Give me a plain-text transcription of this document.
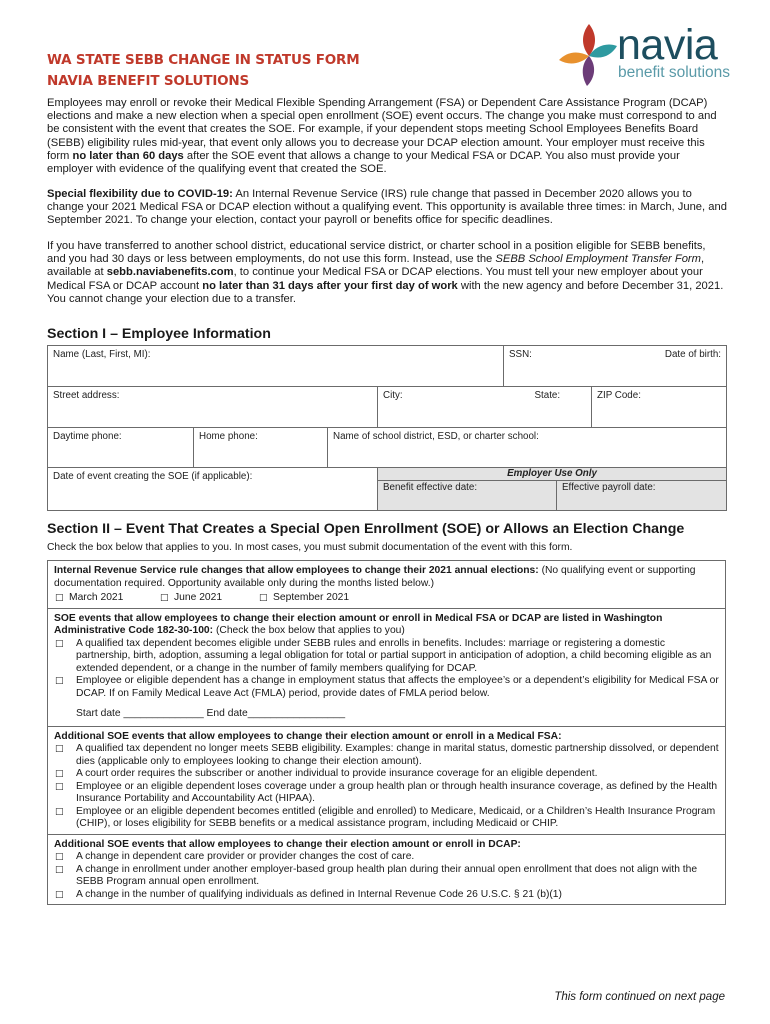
WA STATE SEBB CHANGE IN STATUS FORM
NAVIA BENEFIT SOLUTIONS
navia
benefit solutions

Employees may enroll or revoke their Medical Flexible Spending Arrangement (FSA) or Dependent Care Assistance Program (DCAP) elections and make a new election when a special open enrollment (SOE) event occurs. The change you make must correspond to and be consistent with the event that creates the SOE. For example, if your dependent stops meeting School Employees Benefits Board (SEBB) eligibility rules mid-year, that event only allows you to decrease your DCAP election amount. Your employer must receive this form no later than 60 days after the SOE event that allows a change to your Medical FSA or DCAP. You also must provide your employer with evidence of the qualifying event that created the SOE.

Special flexibility due to COVID-19: An Internal Revenue Service (IRS) rule change that passed in December 2020 allows you to change your 2021 Medical FSA or DCAP election without a qualifying event. This opportunity is available three times: in March, June, and September 2021. To change your election, contact your payroll or benefits office for specific deadlines.

If you have transferred to another school district, educational service district, or charter school in a position eligible for SEBB benefits, and you had 30 days or less between employments, do not use this form. Instead, use the SEBB School Employment Transfer Form, available at sebb.naviabenefits.com, to continue your Medical FSA or DCAP elections. You must tell your new employer about your Medical FSA or DCAP account no later than 31 days after your first day of work with the new agency and before December 31, 2021. You cannot change your election due to a transfer.

Section I – Employee Information
Name (Last, First, MI):				SSN:		Date of birth:
Street address:			City:		State:	ZIP Code:
Daytime phone:	Home phone:	Name of school district, ESD, or charter school:				
Date of event creating the SOE (if applicable):			Employer Use Only			
			Benefit effective date:		Effective payroll date:	
Section II – Event That Creates a Special Open Enrollment (SOE) or Allows an Election Change
Check the box below that applies to you. In most cases, you must submit documentation of the event with this form.
Internal Revenue Service rule changes that allow employees to change their 2021 annual elections: (No qualifying event or supporting documentation required. Opportunity available only during the months listed below.)
□ March 2021	□ June 2021	□ September 2021
SOE events that allow employees to change their election amount or enroll in Medical FSA or DCAP are listed in Washington Administrative Code 182-30-100: (Check the box below that applies to you)
□	A qualified tax dependent becomes eligible under SEBB rules and enrolls in benefits. Includes: marriage or registering a domestic partnership, birth, adoption, assuming a legal obligation for total or partial support in anticipation of adoption, a child becoming eligible as an extended dependent, or a change in the number of family members qualifying for DCAP.
□	Employee or eligible dependent has a change in employment status that affects the employee’s or a dependent’s eligibility for Medical FSA or DCAP. If on Family Medical Leave Act (FMLA) period, provide dates of FMLA period below.
Start date ______________ End date_________________
Additional SOE events that allow employees to change their election amount or enroll in a Medical FSA:
□	A qualified tax dependent no longer meets SEBB eligibility. Examples: change in marital status, domestic partnership dissolved, or dependent dies (applicable only to employees looking to change their election amount).
□	A court order requires the subscriber or another individual to provide insurance coverage for an eligible dependent.
□	Employee or an eligible dependent loses coverage under a group health plan or through health insurance coverage, as defined by the Health Insurance Portability and Accountability Act (HIPAA).
□	Employee or an eligible dependent becomes entitled (eligible and enrolled) to Medicare, Medicaid, or a Children’s Health Insurance Program (CHIP), or loses eligibility for SEBB benefits or a medical assistance program, including Medicaid or CHIP.
Additional SOE events that allow employees to change their election amount or enroll in DCAP:
□	A change in dependent care provider or provider changes the cost of care.
□	A change in enrollment under another employer-based group health plan during their annual open enrollment that does not align with the SEBB Program annual open enrollment.
□	A change in the number of qualifying individuals as defined in Internal Revenue Code 26 U.S.C. § 21 (b)(1)
This form continued on next page
